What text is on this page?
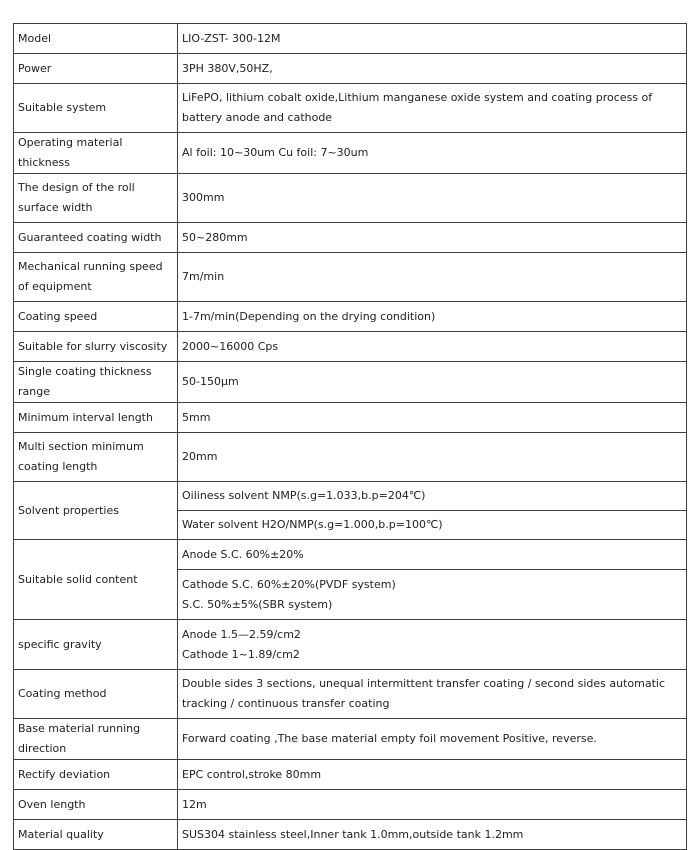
Model	LIO-ZST- 300-12M
Power	3PH 380V,50HZ,
Suitable system	LiFePO, lithium cobalt oxide,Lithium manganese oxide system and coating process of battery anode and cathode
Operating material thickness	Al foil: 10~30um Cu foil: 7~30um
The design of the roll surface width	300mm
Guaranteed coating width	50~280mm
Mechanical running speed of equipment	7m/min
Coating speed	1-7m/min(Depending on the drying condition)
Suitable for slurry viscosity	2000~16000 Cps
Single coating thickness range	50-150μm
Minimum interval length	5mm
Multi section minimum coating length	20mm
Solvent properties	Oiliness solvent NMP(s.g=1.033,b.p=204℃)
	Water solvent H2O/NMP(s.g=1.000,b.p=100℃)
Suitable solid content	Anode S.C. 60%±20%

	Cathode S.C. 60%±20%(PVDF system)
S.C. 50%±5%(SBR system)

specific gravity	Anode 1.5—2.59/cm2
Cathode 1~1.89/cm2

Coating method	Double sides 3 sections, unequal intermittent transfer coating / second sides automatic tracking / continuous transfer coating
Base material running direction	Forward coating ,The base material empty foil movement Positive, reverse.
Rectify deviation	EPC control,stroke 80mm
Oven length	12m
Material quality	SUS304 stainless steel,Inner tank 1.0mm,outside tank 1.2mm
